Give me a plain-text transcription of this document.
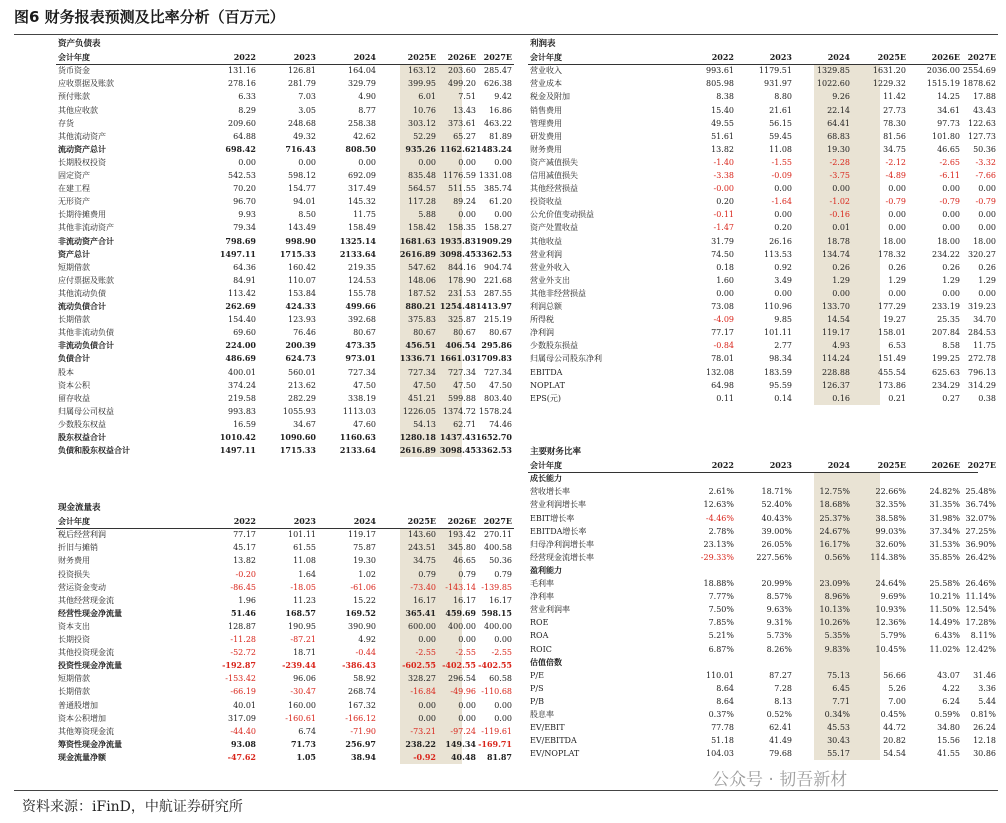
图6 财务报表预测及比率分析（百万元）
资产负债表
会计年度	2022	2023	2024	2025E 2026E 2027E
货币资金	131.16	126.81	164.04	163.12 203.60 285.47
应收票据及账款	278.16	281.79	329.79	399.95 499.20 626.38
预付账款	6.33	7.03	4.90	6.01	7.51 9.42
其他应收款	8.29	3.05	8.77	10.76 13.43 16.86
存货	209.60	248.68	258.38	303.12 373.61 463.22
其他流动资产	64.88	49.32	42.62	52.29 65.27 81.89
流动资产总计	698.42	716.43	808.50	935.26 1162.62 1483.24
长期股权投资	0.00	0.00	0.00	0.00	0.00 0.00
固定资产	542.53	598.12	692.09	835.48 1176.59 1331.08
在建工程	70.20	154.77	317.49	564.57 511.55 385.74
无形资产	96.70	94.01	145.32	117.28 89.24 61.20
长期待摊费用	9.93	8.50	11.75	5.88	0.00 0.00
其他非流动资产	79.34	143.49	158.49	158.42 158.35 158.27
非流动资产合计	798.69	998.90	1325.14	1681.63 1935.83 1909.29
资产总计	1497.11	1715.33	2133.64	2616.89 3098.45 3362.53
短期借款	64.36	160.42	219.35	547.62 844.16 904.74
应付票据及账款	84.91	110.07	124.53	148.06 178.90 221.68
其他流动负债	113.42	153.84	155.78	187.52 231.53 287.55
流动负债合计	262.69	424.33	499.66	880.21 1254.48 1413.97
长期借款	154.40	123.93	392.68	375.83 325.87 215.19
其他非流动负债	69.60	76.46	80.67	80.67 80.67 80.67
非流动负债合计	224.00	200.39	473.35	456.51 406.54 295.86
负债合计	486.69	624.73	973.01	1336.71 1661.03 1709.83
股本	400.01	560.01	727.34	727.34 727.34 727.34
资本公积	374.24	213.62	47.50	47.50 47.50 47.50
留存收益	219.58	282.29	338.19	451.21 599.88 803.40
归属母公司权益	993.83	1055.93	1113.03	1226.05 1374.72 1578.24
少数股东权益	16.59	34.67	47.60	54.13 62.71 74.46
股东权益合计	1010.42	1090.60	1160.63	1280.18 1437.43 1652.70
负债和股东权益合计	1497.11	1715.33	2133.64	2616.89 3098.45 3362.53
现金流量表
会计年度	2022	2023	2024	2025E 2026E 2027E
税后经营利润	77.17	101.11	119.17	143.60 193.42 270.11
折旧与摊销	45.17	61.55	75.87	243.51 345.80 400.58
财务费用	13.82	11.08	19.30	34.75 46.65 50.36
投资损失	-0.20	1.64	1.02	0.79	0.79 0.79
营运资金变动	-86.45	-18.05	-61.06	-73.40 -143.14 -139.85
其他经营现金流	1.96	11.23	15.22	16.17 16.17 16.17
经营性现金净流量	51.46	168.57	169.52	365.41 459.69 598.15
资本支出	128.87	190.95	390.90	600.00 400.00 400.00
长期投资	-11.28	-87.21	4.92	0.00	0.00 0.00
其他投资现金流	-52.72	18.71	-0.44	-2.55 -2.55 -2.55
投资性现金净流量	-192.87	-239.44	-386.43	-602.55 -402.55 -402.55
短期借款	-153.42	96.06	58.92	328.27 296.54 60.58
长期借款	-66.19	-30.47	268.74	-16.84 -49.96 -110.68
普通股增加	40.01	160.00	167.32	0.00	0.00 0.00
资本公积增加	317.09	-160.61	-166.12	0.00	0.00 0.00
其他筹资现金流	-44.40	6.74	-71.90	-73.21 -97.24 -119.61
筹资性现金净流量	93.08	71.73	256.97	238.22 149.34 -169.71
现金流量净额	-47.62	1.05	38.94	-0.92 40.48 81.87
利润表
会计年度	2022	2023	2024	2025E	2026E 2027E
营业收入	993.61	1179.51	1329.85	1631.20	2036.00 2554.69
营业成本	805.98	931.97	1022.60	1229.32	1515.19 1878.62
税金及附加	8.38	8.80	9.26	11.42	14.25 17.88
销售费用	15.40	21.61	22.14	27.73	34.61 43.43
管理费用	49.55	56.15	64.41	78.30	97.73 122.63
研发费用	51.61	59.45	68.83	81.56	101.80 127.73
财务费用	13.82	11.08	19.30	34.75	46.65 50.36
资产减值损失	-1.40	-1.55	-2.28	-2.12	-2.65 -3.32
信用减值损失	-3.38	-0.09	-3.75	-4.89	-6.11 -7.66
其他经营损益	-0.00	0.00	0.00	0.00	0.00 0.00
投资收益	0.20	-1.64	-1.02	-0.79	-0.79 -0.79
公允价值变动损益	-0.11	0.00	-0.16	0.00	0.00 0.00
资产处置收益	-1.47	0.20	0.01	0.00	0.00 0.00
其他收益	31.79	26.16	18.78	18.00	18.00 18.00
营业利润	74.50	113.53	134.74	178.32	234.22 320.27
营业外收入	0.18	0.92	0.26	0.26	0.26 0.26
营业外支出	1.60	3.49	1.29	1.29	1.29 1.29
其他非经营损益	0.00	0.00	0.00	0.00	0.00 0.00
利润总额	73.08	110.96	133.70	177.29	233.19 319.23
所得税	-4.09	9.85	14.54	19.27	25.35 34.70
净利润	77.17	101.11	119.17	158.01	207.84 284.53
少数股东损益	-0.84	2.77	4.93	6.53	8.58 11.75
归属母公司股东净利	78.01	98.34	114.24	151.49	199.25 272.78
EBITDA	132.08	183.59	228.88	455.54	625.63 796.13
NOPLAT	64.98	95.59	126.37	173.86	234.29 314.29
EPS(元)	0.11	0.14	0.16	0.21	0.27 0.38
主要财务比率
会计年度	2022	2023	2024	2025E	2026E 2027E
成长能力
营收增长率	2.61%	18.71%	12.75%	22.66%	24.82% 25.48%
营业利润增长率	12.63%	52.40%	18.68%	32.35%	31.35% 36.74%
EBIT增长率	-4.46%	40.43%	25.37%	38.58%	31.98% 32.07%
EBITDA增长率	2.78%	39.00%	24.67%	99.03%	37.34% 27.25%
归母净利润增长率	23.13%	26.05%	16.17%	32.60%	31.53% 36.90%
经营现金流增长率	-29.33%	227.56%	0.56%	114.38%	35.85% 26.42%
盈利能力
毛利率	18.88%	20.99%	23.09%	24.64%	25.58% 26.46%
净利率	7.77%	8.57%	8.96%	9.69%	10.21% 11.14%
营业利润率	7.50%	9.63%	10.13%	10.93%	11.50% 12.54%
ROE	7.85%	9.31%	10.26%	12.36%	14.49% 17.28%
ROA	5.21%	5.73%	5.35%	5.79%	6.43% 8.11%
ROIC	6.87%	8.26%	9.83%	10.45%	11.02% 12.42%
估值倍数
P/E	110.01	87.27	75.13	56.66	43.07 31.46
P/S	8.64	7.28	6.45	5.26	4.22 3.36
P/B	8.64	8.13	7.71	7.00	6.24 5.44
股息率	0.37%	0.52%	0.34%	0.45%	0.59% 0.81%
EV/EBIT	77.78	62.41	45.53	44.72	34.80 26.24
EV/EBITDA	51.18	41.49	30.43	20.82	15.56 12.18
EV/NOPLAT	104.03	79.68	55.17	54.54	41.55 30.86
资料来源：iFinD，中航证券研究所
公众号 · 韧吾新材
